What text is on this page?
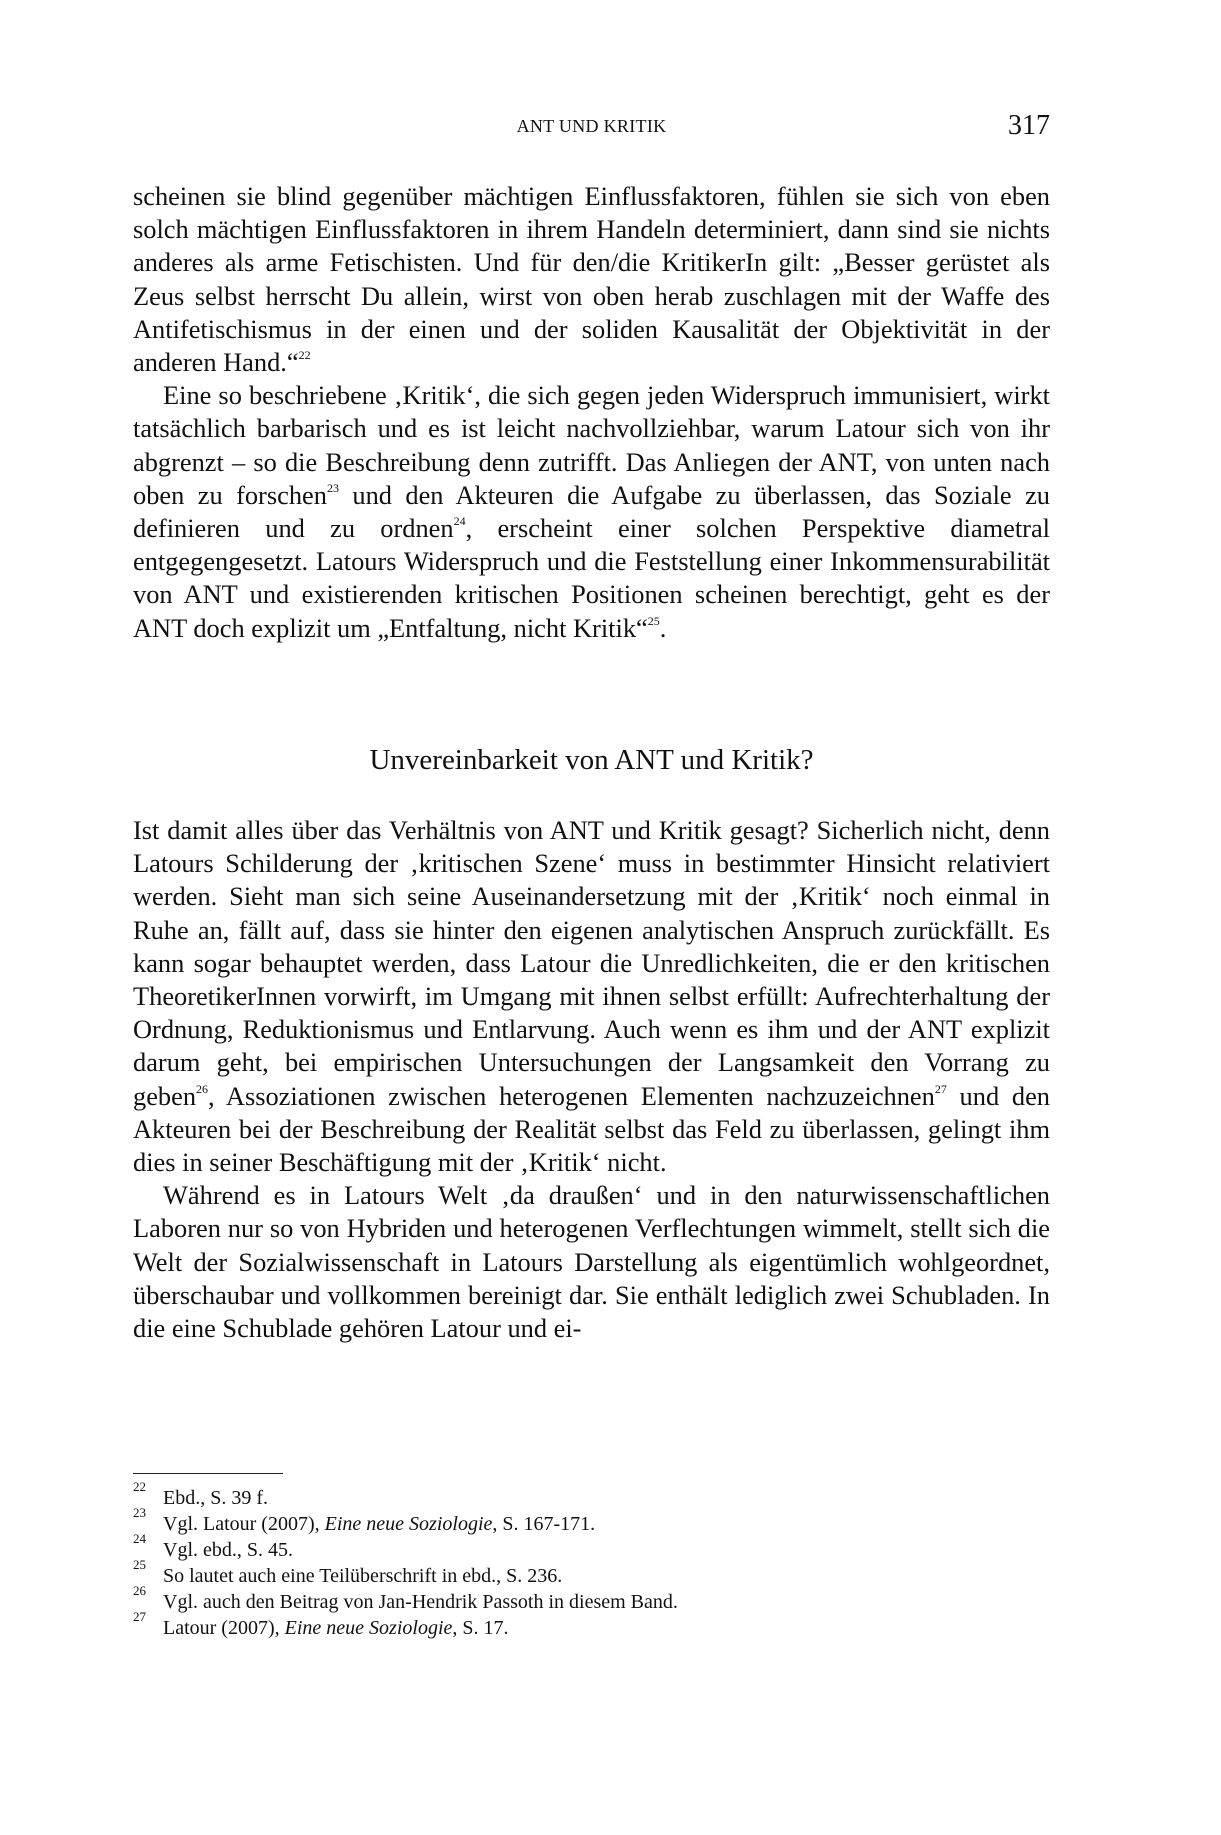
ANT UND KRITIK	317

scheinen sie blind gegenüber mächtigen Einflussfaktoren, fühlen sie sich von eben solch mächtigen Einflussfaktoren in ihrem Handeln determiniert, dann sind sie nichts anderes als arme Fetischisten. Und für den/die KritikerIn gilt: „Besser gerüstet als Zeus selbst herrscht Du allein, wirst von oben herab zuschlagen mit der Waffe des Antifetischismus in der einen und der soliden Kausalität der Objektivität in der anderen Hand.“$^{22}$

Eine so beschriebene ‚Kritik‘, die sich gegen jeden Widerspruch immunisiert, wirkt tatsächlich barbarisch und es ist leicht nachvollziehbar, warum Latour sich von ihr abgrenzt – so die Beschreibung denn zutrifft. Das Anliegen der ANT, von unten nach oben zu forschen$^{23}$ und den Akteuren die Aufgabe zu überlassen, das Soziale zu definieren und zu ordnen$^{24}$, erscheint einer solchen Perspektive diametral entgegengesetzt. Latours Widerspruch und die Feststellung einer Inkommensurabilität von ANT und existierenden kritischen Positionen scheinen berechtigt, geht es der ANT doch explizit um „Entfaltung, nicht Kritik“$^{25}$.

Unvereinbarkeit von ANT und Kritik?

Ist damit alles über das Verhältnis von ANT und Kritik gesagt? Sicherlich nicht, denn Latours Schilderung der ‚kritischen Szene‘ muss in bestimmter Hinsicht relativiert werden. Sieht man sich seine Auseinandersetzung mit der ‚Kritik‘ noch einmal in Ruhe an, fällt auf, dass sie hinter den eigenen analytischen Anspruch zurückfällt. Es kann sogar behauptet werden, dass Latour die Unredlichkeiten, die er den kritischen TheoretikerInnen vorwirft, im Umgang mit ihnen selbst erfüllt: Aufrechterhaltung der Ordnung, Reduktionismus und Entlarvung. Auch wenn es ihm und der ANT explizit darum geht, bei empirischen Untersuchungen der Langsamkeit den Vorrang zu geben$^{26}$, Assoziationen zwischen heterogenen Elementen nachzuzeichnen$^{27}$ und den Akteuren bei der Beschreibung der Realität selbst das Feld zu überlassen, gelingt ihm dies in seiner Beschäftigung mit der ‚Kritik‘ nicht.

Während es in Latours Welt ‚da draußen‘ und in den naturwissenschaftlichen Laboren nur so von Hybriden und heterogenen Verflechtungen wimmelt, stellt sich die Welt der Sozialwissenschaft in Latours Darstellung als eigentümlich wohlgeordnet, überschaubar und vollkommen bereinigt dar. Sie enthält lediglich zwei Schubladen. In die eine Schublade gehören Latour und ei-

22
Ebd., S. 39 f.
23
Vgl. Latour (2007), Eine neue Soziologie, S. 167-171.
24
Vgl. ebd., S. 45.
25
So lautet auch eine Teilüberschrift in ebd., S. 236.
26
Vgl. auch den Beitrag von Jan-Hendrik Passoth in diesem Band.
27
Latour (2007), Eine neue Soziologie, S. 17.
